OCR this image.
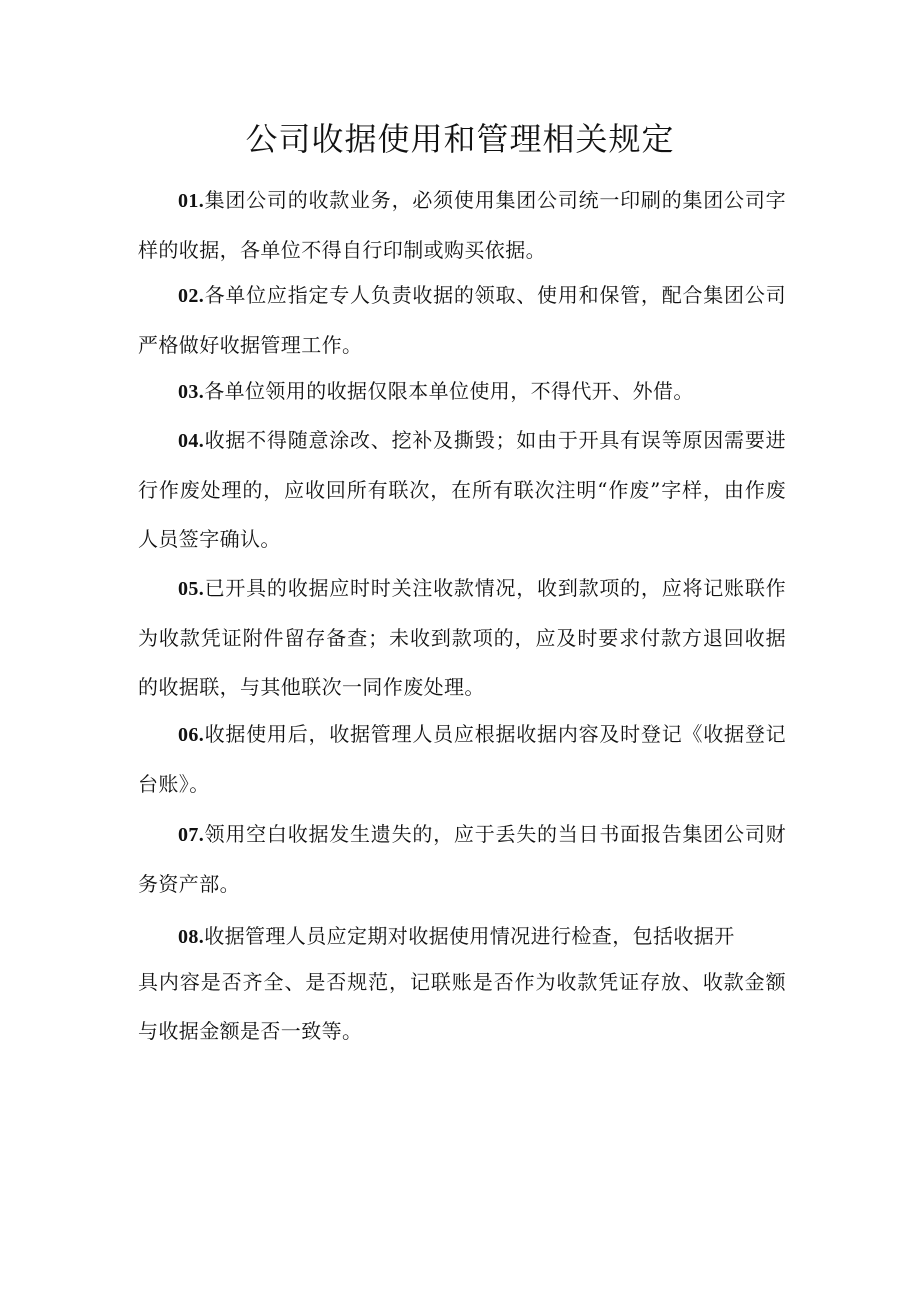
公司收据使用和管理相关规定

01.集团公司的收款业务，必须使用集团公司统一印刷的集团公司字样的收据，各单位不得自行印制或购买依据。

02.各单位应指定专人负责收据的领取、使用和保管，配合集团公司严格做好收据管理工作。

03.各单位领用的收据仅限本单位使用，不得代开、外借。

04.收据不得随意涂改、挖补及撕毁；如由于开具有误等原因需要进行作废处理的，应收回所有联次，在所有联次注明“作废”字样，由作废人员签字确认。

05.已开具的收据应时时关注收款情况，收到款项的，应将记账联作为收款凭证附件留存备查；未收到款项的，应及时要求付款方退回收据的收据联，与其他联次一同作废处理。

06.收据使用后，收据管理人员应根据收据内容及时登记《收据登记台账》。

07.领用空白收据发生遗失的，应于丢失的当日书面报告集团公司财务资产部。

08.收据管理人员应定期对收据使用情况进行检查，包括收据开

具内容是否齐全、是否规范，记联账是否作为收款凭证存放、收款金额与收据金额是否一致等。
